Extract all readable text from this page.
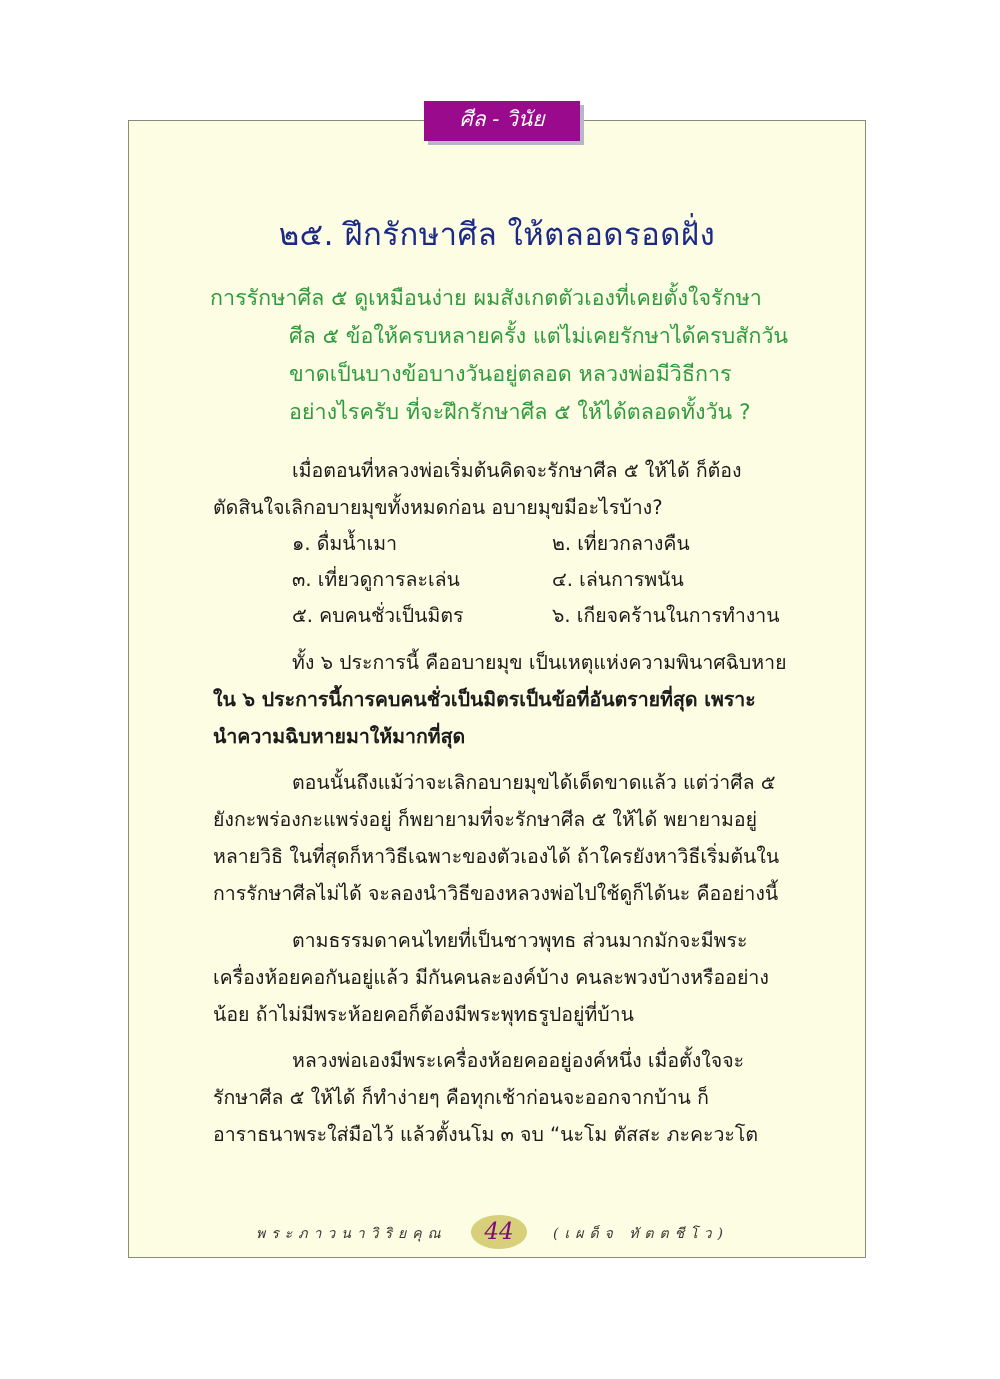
ศีล - วินัย
๒๕. ฝึกรักษาศีล ให้ตลอดรอดฝั่ง
การรักษาศีล ๕ ดูเหมือนง่าย ผมสังเกตตัวเองที่เคยตั้งใจรักษา
ศีล ๕ ข้อให้ครบหลายครั้ง แต่ไม่เคยรักษาได้ครบสักวัน
ขาดเป็นบางข้อบางวันอยู่ตลอด หลวงพ่อมีวิธีการ
อย่างไรครับ ที่จะฝึกรักษาศีล ๕ ให้ได้ตลอดทั้งวัน ?
เมื่อตอนที่หลวงพ่อเริ่มต้นคิดจะรักษาศีล ๕ ให้ได้ ก็ต้อง
ตัดสินใจเลิกอบายมุขทั้งหมดก่อน อบายมุขมีอะไรบ้าง?
๑. ดื่มน้ำเมา	๒. เที่ยวกลางคืน
๓. เที่ยวดูการละเล่น	๔. เล่นการพนัน
๕. คบคนชั่วเป็นมิตร	๖. เกียจคร้านในการทำงาน
ทั้ง ๖ ประการนี้ คืออบายมุข เป็นเหตุแห่งความพินาศฉิบหาย
ใน ๖ ประการนี้การคบคนชั่วเป็นมิตรเป็นข้อที่อันตรายที่สุด เพราะ
นำความฉิบหายมาให้มากที่สุด
ตอนนั้นถึงแม้ว่าจะเลิกอบายมุขได้เด็ดขาดแล้ว แต่ว่าศีล ๕
ยังกะพร่องกะแพร่งอยู่ ก็พยายามที่จะรักษาศีล ๕ ให้ได้ พยายามอยู่
หลายวิธิ ในที่สุดก็หาวิธีเฉพาะของตัวเองได้ ถ้าใครยังหาวิธีเริ่มต้นใน
การรักษาศีลไม่ได้ จะลองนำวิธีของหลวงพ่อไปใช้ดูก็ได้นะ คืออย่างนี้
ตามธรรมดาคนไทยที่เป็นชาวพุทธ ส่วนมากมักจะมีพระ
เครื่องห้อยคอกันอยู่แล้ว มีกันคนละองค์บ้าง คนละพวงบ้างหรืออย่าง
น้อย ถ้าไม่มีพระห้อยคอก็ต้องมีพระพุทธรูปอยู่ที่บ้าน
หลวงพ่อเองมีพระเครื่องห้อยคออยู่องค์หนึ่ง เมื่อตั้งใจจะ
รักษาศีล ๕ ให้ได้ ก็ทำง่ายๆ คือทุกเช้าก่อนจะออกจากบ้าน ก็
อาราธนาพระใส่มือไว้ แล้วตั้งนโม ๓ จบ “นะโม ตัสสะ ภะคะวะโต
พระภาวนาวิริยคุณ	44	(เผด็จ ทัตตชีโว)
